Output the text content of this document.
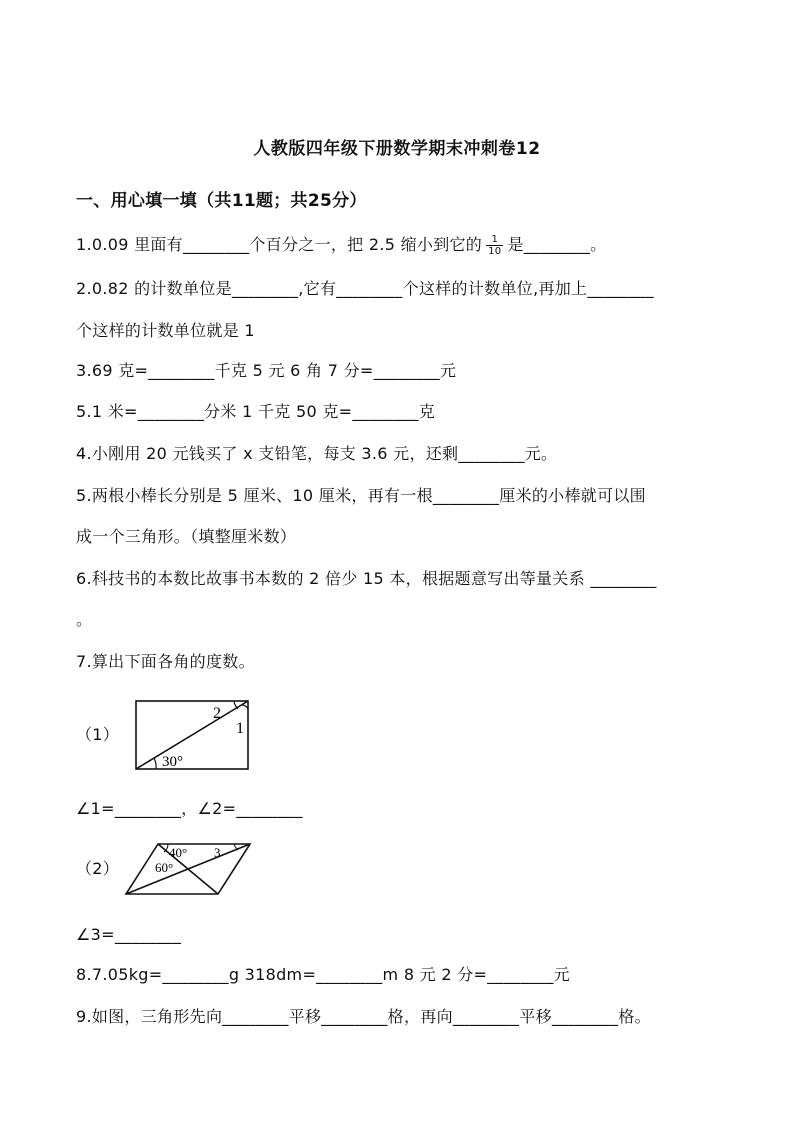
人教版四年级下册数学期末冲刺卷12
一、用心填一填（共11题；共25分）
1.0.09 里面有________个百分之一，把 2.5 缩小到它的 $\frac{1}{10}$ 是________。
2.0.82 的计数单位是________,它有________个这样的计数单位,再加上________
个这样的计数单位就是 1
3.69 克=________千克 5 元 6 角 7 分=________元
5.1 米=________分米 1 千克 50 克=________克
4.小刚用 20 元钱买了 x 支铅笔，每支 3.6 元，还剩________元。
5.两根小棒长分别是 5 厘米、10 厘米，再有一根________厘米的小棒就可以围
成一个三角形。（填整厘米数）
6.科技书的本数比故事书本数的 2 倍少 15 本，根据题意写出等量关系 ________
。
7.算出下面各角的度数。
（1）
2
1
30°
∠1=________，∠2=________
（2）
40° 3
60°
∠3=________
8.7.05kg=________g 318dm=________m 8 元 2 分=________元
9.如图，三角形先向________平移________格，再向________平移________格。
